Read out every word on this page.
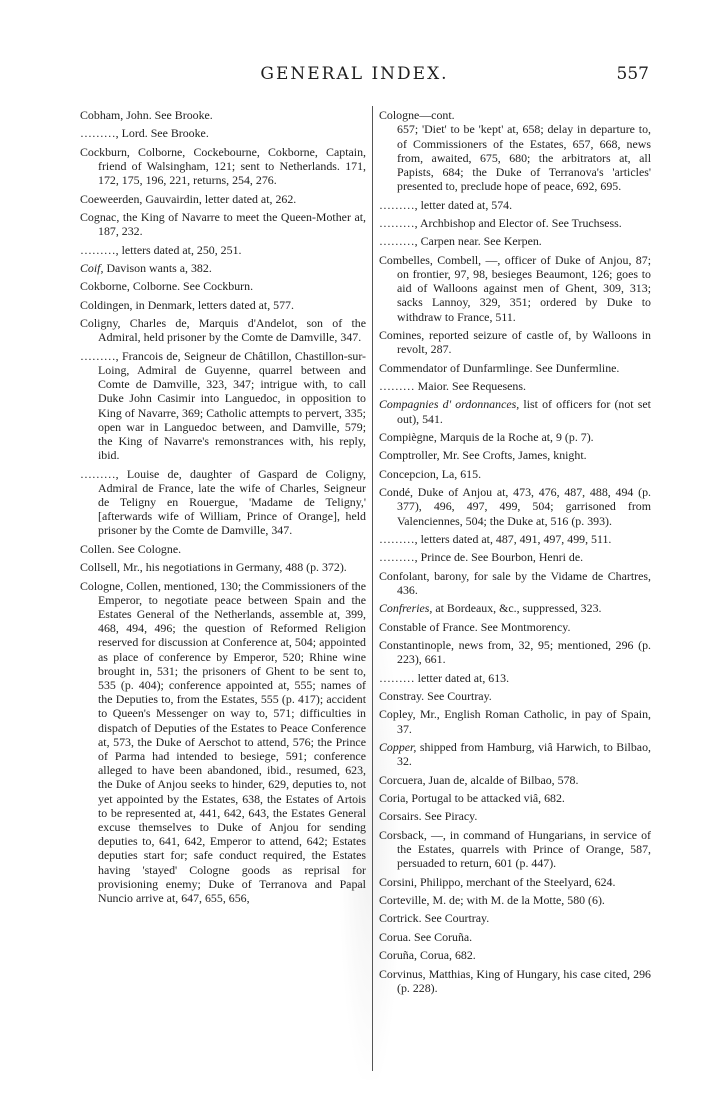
GENERAL INDEX.	557
Cobham, John. See Brooke.
………, Lord. See Brooke.
Cockburn, Colborne, Cockebourne, Cokborne, Captain, friend of Walsingham, 121; sent to Netherlands. 171, 172, 175, 196, 221, returns, 254, 276.
Coeweerden, Gauvairdin, letter dated at, 262.
Cognac, the King of Navarre to meet the Queen-Mother at, 187, 232.
………, letters dated at, 250, 251.
Coif, Davison wants a, 382.
Cokborne, Colborne. See Cockburn.
Coldingen, in Denmark, letters dated at, 577.
Coligny, Charles de, Marquis d'Andelot, son of the Admiral, held prisoner by the Comte de Damville, 347.
………, Francois de, Seigneur de Châtillon, Chastillon-sur-Loing, Admiral de Guyenne, quarrel between and Comte de Damville, 323, 347; intrigue with, to call Duke John Casimir into Languedoc, in opposition to King of Navarre, 369; Catholic attempts to pervert, 335; open war in Languedoc between, and Damville, 579; the King of Navarre's remonstrances with, his reply, ibid.
………, Louise de, daughter of Gaspard de Coligny, Admiral de France, late the wife of Charles, Seigneur de Teligny en Rouergue, 'Madame de Teligny,' [afterwards wife of William, Prince of Orange], held prisoner by the Comte de Damville, 347.
Collen. See Cologne.
Collsell, Mr., his negotiations in Germany, 488 (p. 372).
Cologne, Collen, mentioned, 130; the Commissioners of the Emperor, to negotiate peace between Spain and the Estates General of the Netherlands, assemble at, 399, 468, 494, 496; the question of Reformed Religion reserved for discussion at Conference at, 504; appointed as place of conference by Emperor, 520; Rhine wine brought in, 531; the prisoners of Ghent to be sent to, 535 (p. 404); conference appointed at, 555; names of the Deputies to, from the Estates, 555 (p. 417); accident to Queen's Messenger on way to, 571; difficulties in dispatch of Deputies of the Estates to Peace Conference at, 573, the Duke of Aerschot to attend, 576; the Prince of Parma had intended to besiege, 591; conference alleged to have been abandoned, ibid., resumed, 623, the Duke of Anjou seeks to hinder, 629, deputies to, not yet appointed by the Estates, 638, the Estates of Artois to be represented at, 441, 642, 643, the Estates General excuse themselves to Duke of Anjou for sending deputies to, 641, 642, Emperor to attend, 642; Estates deputies start for; safe conduct required, the Estates having 'stayed' Cologne goods as reprisal for provisioning enemy; Duke of Terranova and Papal Nuncio arrive at, 647, 655, 656,
Cologne—cont.
657; 'Diet' to be 'kept' at, 658; delay in departure to, of Commissioners of the Estates, 657, 668, news from, awaited, 675, 680; the arbitrators at, all Papists, 684; the Duke of Terranova's 'articles' presented to, preclude hope of peace, 692, 695.
………, letter dated at, 574.
………, Archbishop and Elector of. See Truchsess.
………, Carpen near. See Kerpen.
Combelles, Combell, —, officer of Duke of Anjou, 87; on frontier, 97, 98, besieges Beaumont, 126; goes to aid of Walloons against men of Ghent, 309, 313; sacks Lannoy, 329, 351; ordered by Duke to withdraw to France, 511.
Comines, reported seizure of castle of, by Walloons in revolt, 287.
Commendator of Dunfarmlinge. See Dunfermline.
……… Maior. See Requesens.
Compagnies d' ordonnances, list of officers for (not set out), 541.
Compiègne, Marquis de la Roche at, 9 (p. 7).
Comptroller, Mr. See Crofts, James, knight.
Concepcion, La, 615.
Condé, Duke of Anjou at, 473, 476, 487, 488, 494 (p. 377), 496, 497, 499, 504; garrisoned from Valenciennes, 504; the Duke at, 516 (p. 393).
………, letters dated at, 487, 491, 497, 499, 511.
………, Prince de. See Bourbon, Henri de.
Confolant, barony, for sale by the Vidame de Chartres, 436.
Confreries, at Bordeaux, &c., suppressed, 323.
Constable of France. See Montmorency.
Constantinople, news from, 32, 95; mentioned, 296 (p. 223), 661.
……… letter dated at, 613.
Constray. See Courtray.
Copley, Mr., English Roman Catholic, in pay of Spain, 37.
Copper, shipped from Hamburg, viâ Harwich, to Bilbao, 32.
Corcuera, Juan de, alcalde of Bilbao, 578.
Coria, Portugal to be attacked viâ, 682.
Corsairs. See Piracy.
Corsback, —, in command of Hungarians, in service of the Estates, quarrels with Prince of Orange, 587, persuaded to return, 601 (p. 447).
Corsini, Philippo, merchant of the Steelyard, 624.
Corteville, M. de; with M. de la Motte, 580 (6).
Cortrick. See Courtray.
Corua. See Coruña.
Coruña, Corua, 682.
Corvinus, Matthias, King of Hungary, his case cited, 296 (p. 228).
